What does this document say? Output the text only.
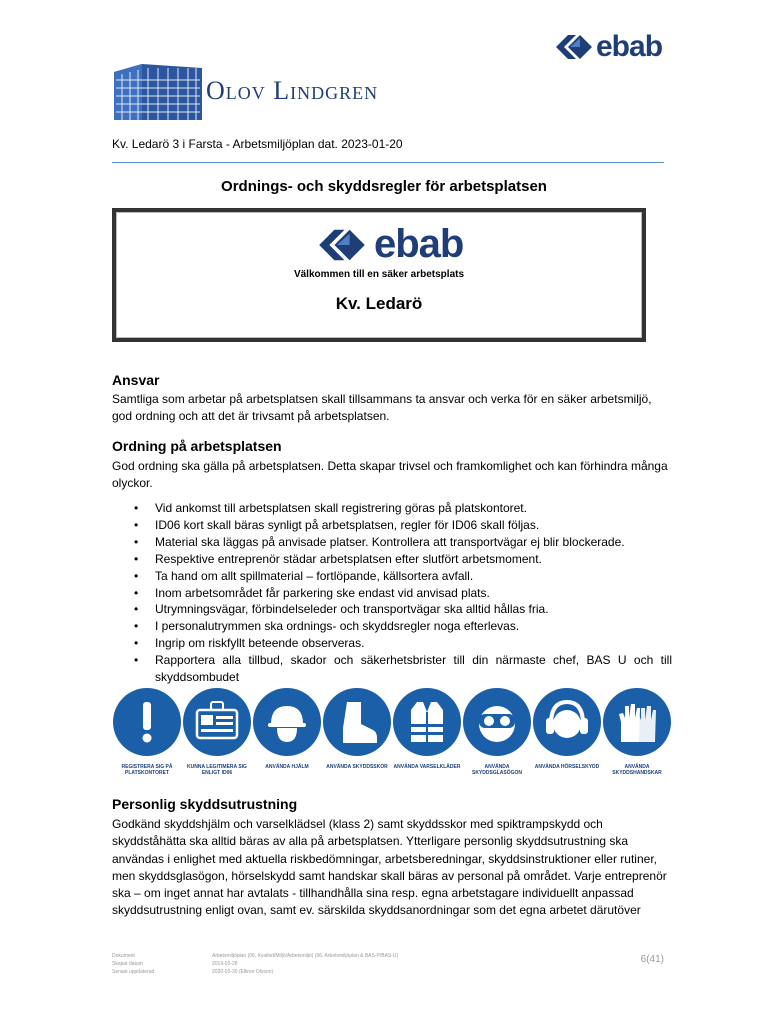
ebab
Olov Lindgren
Kv. Ledarö 3 i Farsta - Arbetsmiljöplan dat. 2023-01-20
Ordnings- och skyddsregler för arbetsplatsen
ebab
Välkommen till en säker arbetsplats
Kv. Ledarö
Ansvar
Samtliga som arbetar på arbetsplatsen skall tillsammans ta ansvar och verka för en säker arbetsmiljö, god ordning och att det är trivsamt på arbetsplatsen.
Ordning på arbetsplatsen
God ordning ska gälla på arbetsplatsen. Detta skapar trivsel och framkomlighet och kan förhindra många olyckor.
• Vid ankomst till arbetsplatsen skall registrering göras på platskontoret.
• ID06 kort skall bäras synligt på arbetsplatsen, regler för ID06 skall följas.
• Material ska läggas på anvisade platser. Kontrollera att transportvägar ej blir blockerade.
• Respektive entreprenör städar arbetsplatsen efter slutfört arbetsmoment.
• Ta hand om allt spillmaterial – fortlöpande, källsortera avfall.
• Inom arbetsområdet får parkering ske endast vid anvisad plats.
• Utrymningsvägar, förbindelseleder och transportvägar ska alltid hållas fria.
• I personalutrymmen ska ordnings- och skyddsregler noga efterlevas.
• Ingrip om riskfyllt beteende observeras.
• Rapportera alla tillbud, skador och säkerhetsbrister till din närmaste chef, BAS U och till skyddsombudet
REGISTRERA SIG PÅ PLATSKONTORET
KUNNA LEGITIMERA SIG ENLIGT ID06
ANVÄNDA HJÄLM	ANVÄNDA SKYDDSSKOR	ANVÄNDA VARSELKLÄDER	ANVÄNDA SKYDDSGLASÖGON
ANVÄNDA HÖRSELSKYDD	ANVÄNDA SKYDDSHANDSKAR
Personlig skyddsutrustning
Godkänd skyddshjälm och varselklädsel (klass 2) samt skyddsskor med spiktrampskydd och skyddståhätta ska alltid bäras av alla på arbetsplatsen. Ytterligare personlig skyddsutrustning ska användas i enlighet med aktuella riskbedömningar, arbetsberedningar, skyddsinstruktioner eller rutiner, men skyddsglasögon, hörselskydd samt handskar skall bäras av personal på området. Varje entreprenör ska – om inget annat har avtalats - tillhandhålla sina resp. egna arbetstagare individuellt anpassad skyddsutrustning enligt ovan, samt ev. särskilda skyddsanordningar som det egna arbetet därutöver
Dokument
Skapat datum
Senast uppdaterad
Arbetsmiljöplan (06. Kvalitet/Miljö/Arbetsmiljö) (06. Arbetsmiljöplan & BAS-P/BAS-U)
2019-03-28
2020-03-30 (Ellinor Olsson)
6(41)
